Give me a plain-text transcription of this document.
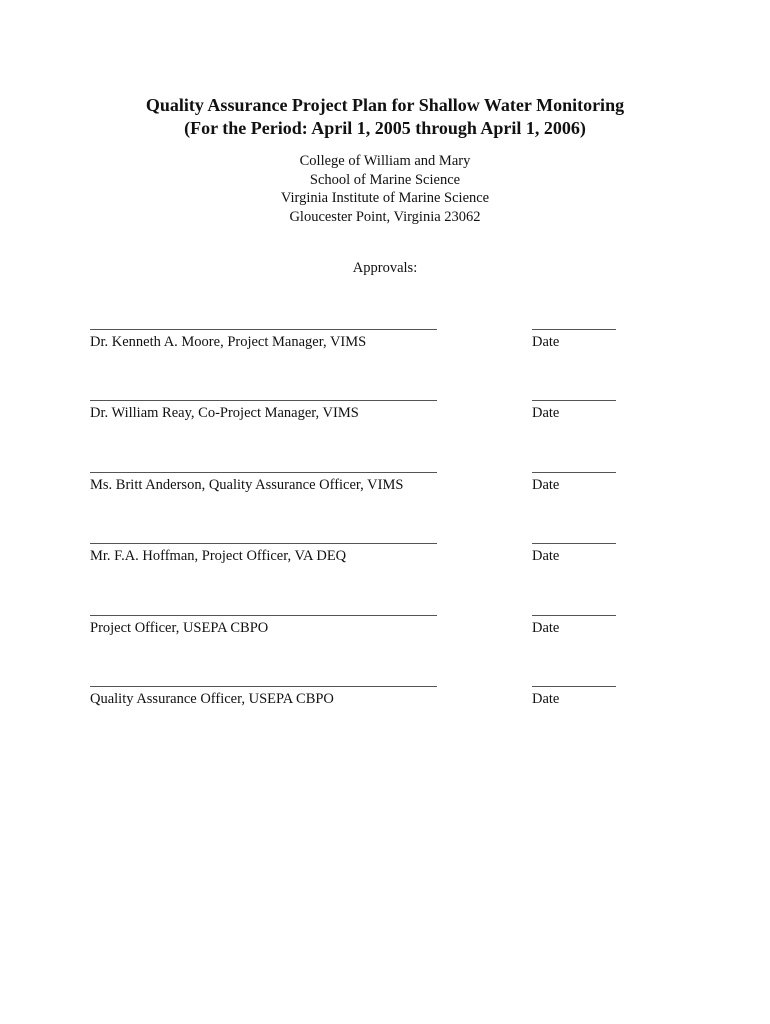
Quality Assurance Project Plan for Shallow Water Monitoring
(For the Period: April 1, 2005 through April 1, 2006)
College of William and Mary
School of Marine Science
Virginia Institute of Marine Science
Gloucester Point, Virginia 23062
Approvals:
Dr. Kenneth A. Moore, Project Manager, VIMS	Date
Dr. William Reay, Co-Project Manager, VIMS	Date
Ms. Britt Anderson, Quality Assurance Officer, VIMS	Date
Mr. F.A. Hoffman, Project Officer, VA DEQ	Date
Project Officer, USEPA CBPO	Date
Quality Assurance Officer, USEPA CBPO	Date
